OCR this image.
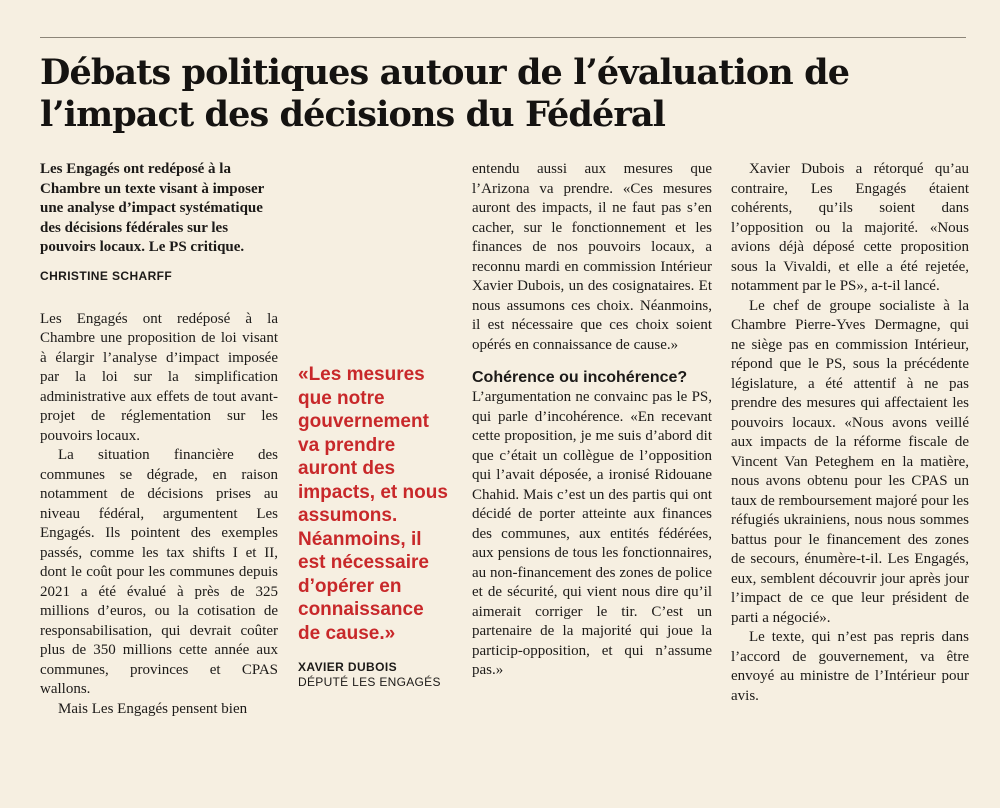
Débats politiques autour de l’évaluation de l’impact des décisions du Fédéral
Les Engagés ont redéposé à la Chambre un texte visant à imposer une analyse d’impact systématique des décisions fédérales sur les pouvoirs locaux. Le PS critique.
CHRISTINE SCHARFF

Les Engagés ont redéposé à la Chambre une proposition de loi visant à élargir l’analyse d’impact imposée par la loi sur la simplification administrative aux effets de tout avant-projet de réglementation sur les pouvoirs locaux.

La situation financière des communes se dégrade, en raison notamment de décisions prises au niveau fédéral, argumentent Les Engagés. Ils pointent des exemples passés, comme les tax shifts I et II, dont le coût pour les communes depuis 2021 a été évalué à près de 325 millions d’euros, ou la cotisation de responsabilisation, qui devrait coûter plus de 350 millions cette année aux communes, provinces et CPAS wallons.

Mais Les Engagés pensent bien

«Les mesures que notre gouvernement va prendre auront des impacts, et nous assumons. Néanmoins, il est nécessaire d’opérer en connaissance de cause.»
XAVIER DUBOIS
DÉPUTÉ LES ENGAGÉS

entendu aussi aux mesures que l’Arizona va prendre. «Ces mesures auront des impacts, il ne faut pas s’en cacher, sur le fonctionnement et les finances de nos pouvoirs locaux, a reconnu mardi en commission Intérieur Xavier Dubois, un des cosignataires. Et nous assumons ces choix. Néanmoins, il est nécessaire que ces choix soient opérés en connaissance de cause.»

Cohérence ou incohérence?

L’argumentation ne convainc pas le PS, qui parle d’incohérence. «En recevant cette proposition, je me suis d’abord dit que c’était un collègue de l’opposition qui l’avait déposée, a ironisé Ridouane Chahid. Mais c’est un des partis qui ont décidé de porter atteinte aux finances des communes, aux entités fédérées, aux pensions de tous les fonctionnaires, au non-financement des zones de police et de sécurité, qui vient nous dire qu’il aimerait corriger le tir. C’est un partenaire de la majorité qui joue la particip-opposition, et qui n’assume pas.»

Xavier Dubois a rétorqué qu’au contraire, Les Engagés étaient cohérents, qu’ils soient dans l’opposition ou la majorité. «Nous avions déjà déposé cette proposition sous la Vivaldi, et elle a été rejetée, notamment par le PS», a-t-il lancé.

Le chef de groupe socialiste à la Chambre Pierre-Yves Dermagne, qui ne siège pas en commission Intérieur, répond que le PS, sous la précédente législature, a été attentif à ne pas prendre des mesures qui affectaient les pouvoirs locaux. «Nous avons veillé aux impacts de la réforme fiscale de Vincent Van Peteghem en la matière, nous avons obtenu pour les CPAS un taux de remboursement majoré pour les réfugiés ukrainiens, nous nous sommes battus pour le financement des zones de secours, énumère-t-il. Les Engagés, eux, semblent découvrir jour après jour l’impact de ce que leur président de parti a négocié».

Le texte, qui n’est pas repris dans l’accord de gouvernement, va être envoyé au ministre de l’Intérieur pour avis.
